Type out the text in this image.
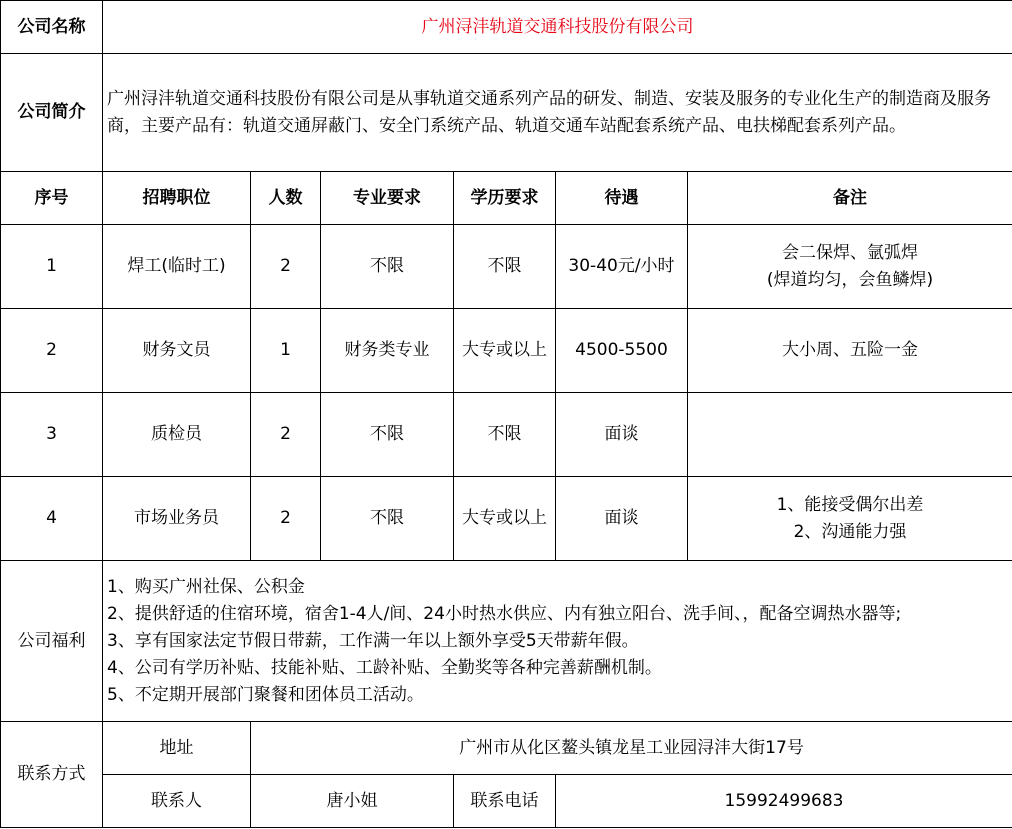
公司名称	广州浔沣轨道交通科技股份有限公司					
公司简介	广州浔沣轨道交通科技股份有限公司是从事轨道交通系列产品的研发、制造、安装及服务的专业化生产的制造商及服务商，主要产品有：轨道交通屏蔽门、安全门系统产品、轨道交通车站配套系统产品、电扶梯配套系列产品。					
序号	招聘职位	人数	专业要求	学历要求	待遇	备注
1	焊工(临时工)	2	不限	不限	30-40元/小时	会二保焊、氩弧焊
(焊道均匀，会鱼鳞焊)

2	财务文员	1	财务类专业	大专或以上	4500-5500	大小周、五险一金

3	质检员	2	不限	不限	面谈	

4	市场业务员	2	不限	大专或以上	面谈	1、能接受偶尔出差
2、沟通能力强

公司福利	1、购买广州社保、公积金
2、提供舒适的住宿环境，宿舍1-4人/间、24小时热水供应、内有独立阳台、洗手间、，配备空调热水器等;
3、享有国家法定节假日带薪，工作满一年以上额外享受5天带薪年假。
4、公司有学历补贴、技能补贴、工龄补贴、全勤奖等各种完善薪酬机制。
5、不定期开展部门聚餐和团体员工活动。					

联系方式	地址	广州市从化区鳌头镇龙星工业园浔沣大街17号				
	联系人	唐小姐		联系电话	15992499683	
